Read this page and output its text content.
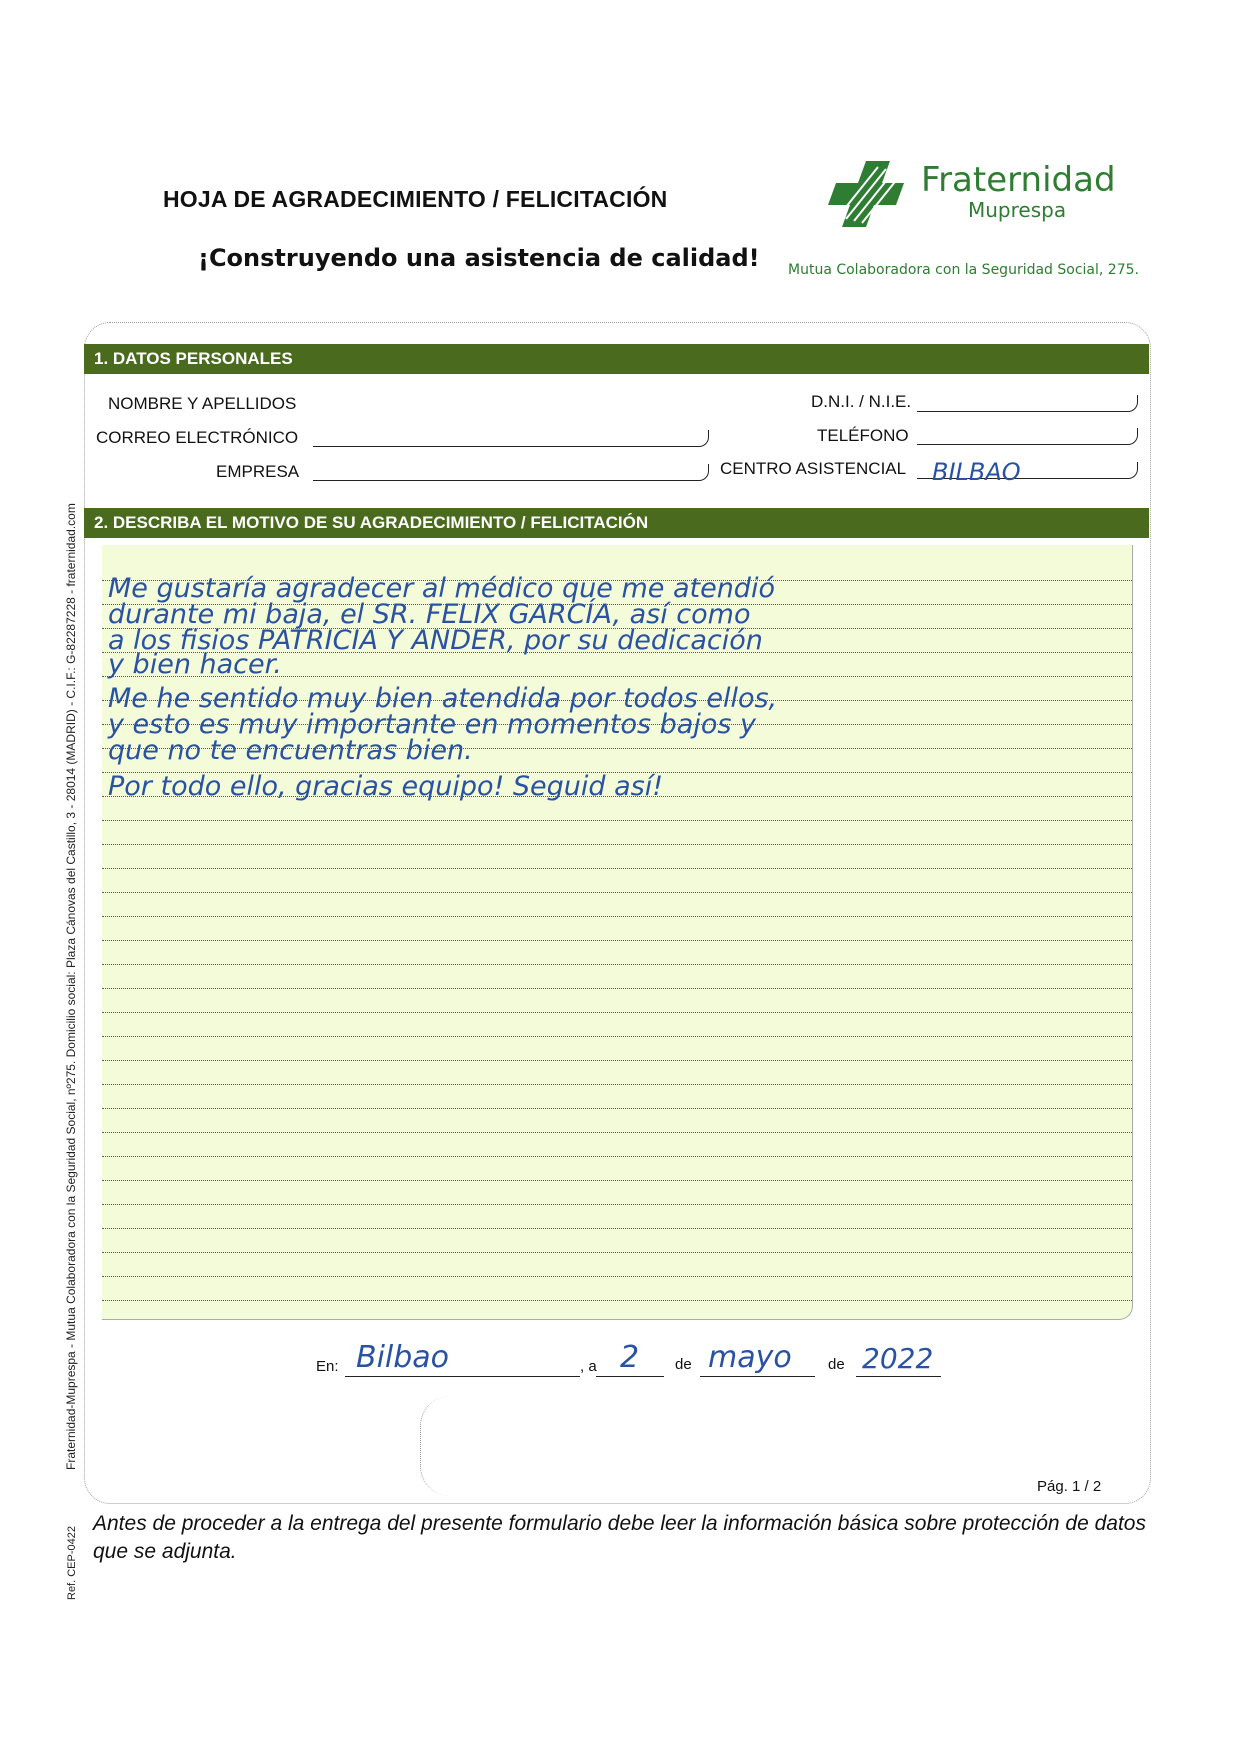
HOJA DE AGRADECIMIENTO / FELICITACIÓN
¡Construyendo una asistencia de calidad!
Fraternidad
Muprespa
Mutua Colaboradora con la Seguridad Social, 275.
1. DATOS PERSONALES
NOMBRE Y APELLIDOS
CORREO ELECTRÓNICO
EMPRESA
D.N.I. / N.I.E.
TELÉFONO
CENTRO ASISTENCIAL BILBAO
2. DESCRIBA EL MOTIVO DE SU AGRADECIMIENTO / FELICITACIÓN
Me gustaría agradecer al médico que me atendió
durante mi baja, el SR. FELIX GARCÍA, así como
a los fisios PATRICIA Y ANDER, por su dedicación
y bien hacer.
Me he sentido muy bien atendida por todos ellos,
y esto es muy importante en momentos bajos y
que no te encuentras bien.
Por todo ello, gracias equipo! Seguid así!
En: Bilbao	, a 2 de mayo de 2022
Pág. 1 / 2
Antes de proceder a la entrega del presente formulario debe leer la información básica sobre protección de datos que se adjunta.
Fraternidad-Muprespa - Mutua Colaboradora con la Seguridad Social, nº275. Domicilio social: Plaza Cánovas del Castillo, 3 - 28014 (MADRID) - C.I.F.: G-82287228 - fraternidad.com
Ref. CEP-0422
